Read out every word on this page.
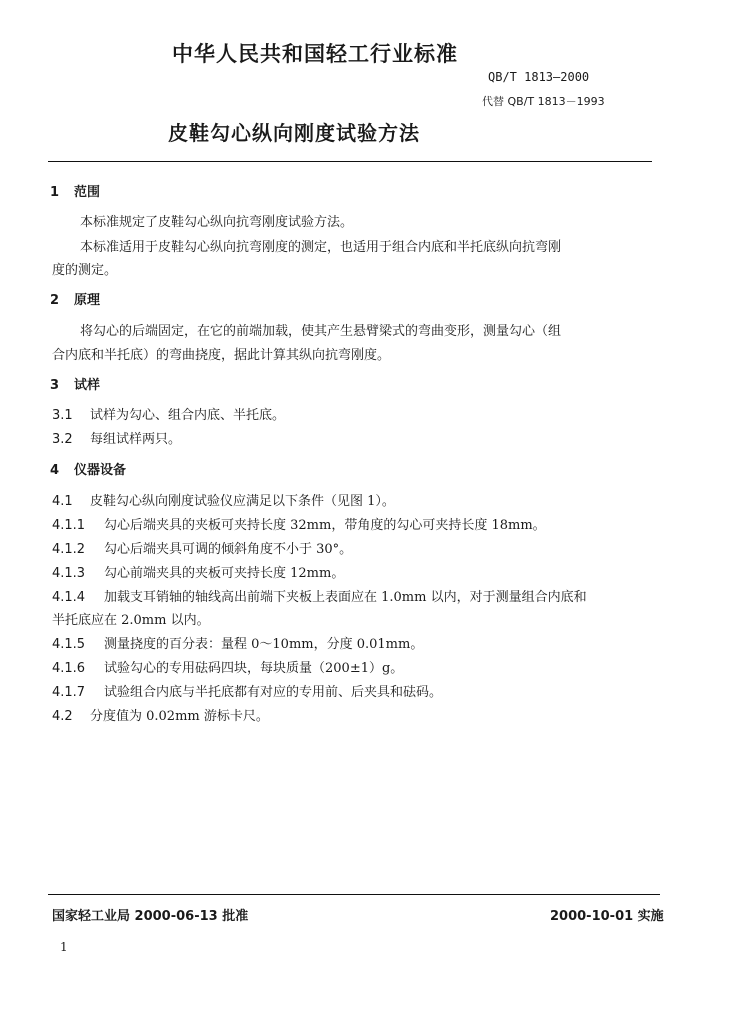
中华人民共和国轻工行业标准
QB/T 1813—2000
代替 QB/T 1813－1993
皮鞋勾心纵向刚度试验方法
1 范围
本标准规定了皮鞋勾心纵向抗弯刚度试验方法。
本标准适用于皮鞋勾心纵向抗弯刚度的测定，也适用于组合内底和半托底纵向抗弯刚
度的测定。
2 原理
将勾心的后端固定，在它的前端加载，使其产生悬臂梁式的弯曲变形，测量勾心（组
合内底和半托底）的弯曲挠度，据此计算其纵向抗弯刚度。
3 试样
3.1 试样为勾心、组合内底、半托底。
3.2 每组试样两只。
4 仪器设备
4.1 皮鞋勾心纵向刚度试验仪应满足以下条件（见图 1）。
4.1.1 勾心后端夹具的夹板可夹持长度 32mm，带角度的勾心可夹持长度 18mm。
4.1.2 勾心后端夹具可调的倾斜角度不小于 30°。
4.1.3 勾心前端夹具的夹板可夹持长度 12mm。
4.1.4 加载支耳销轴的轴线高出前端下夹板上表面应在 1.0mm 以内，对于测量组合内底和
半托底应在 2.0mm 以内。
4.1.5 测量挠度的百分表：量程 0～10mm，分度 0.01mm。
4.1.6 试验勾心的专用砝码四块，每块质量（200±1）g。
4.1.7 试验组合内底与半托底都有对应的专用前、后夹具和砝码。
4.2 分度值为 0.02mm 游标卡尺。
国家轻工业局 2000-06-13 批准	2000-10-01 实施
1
